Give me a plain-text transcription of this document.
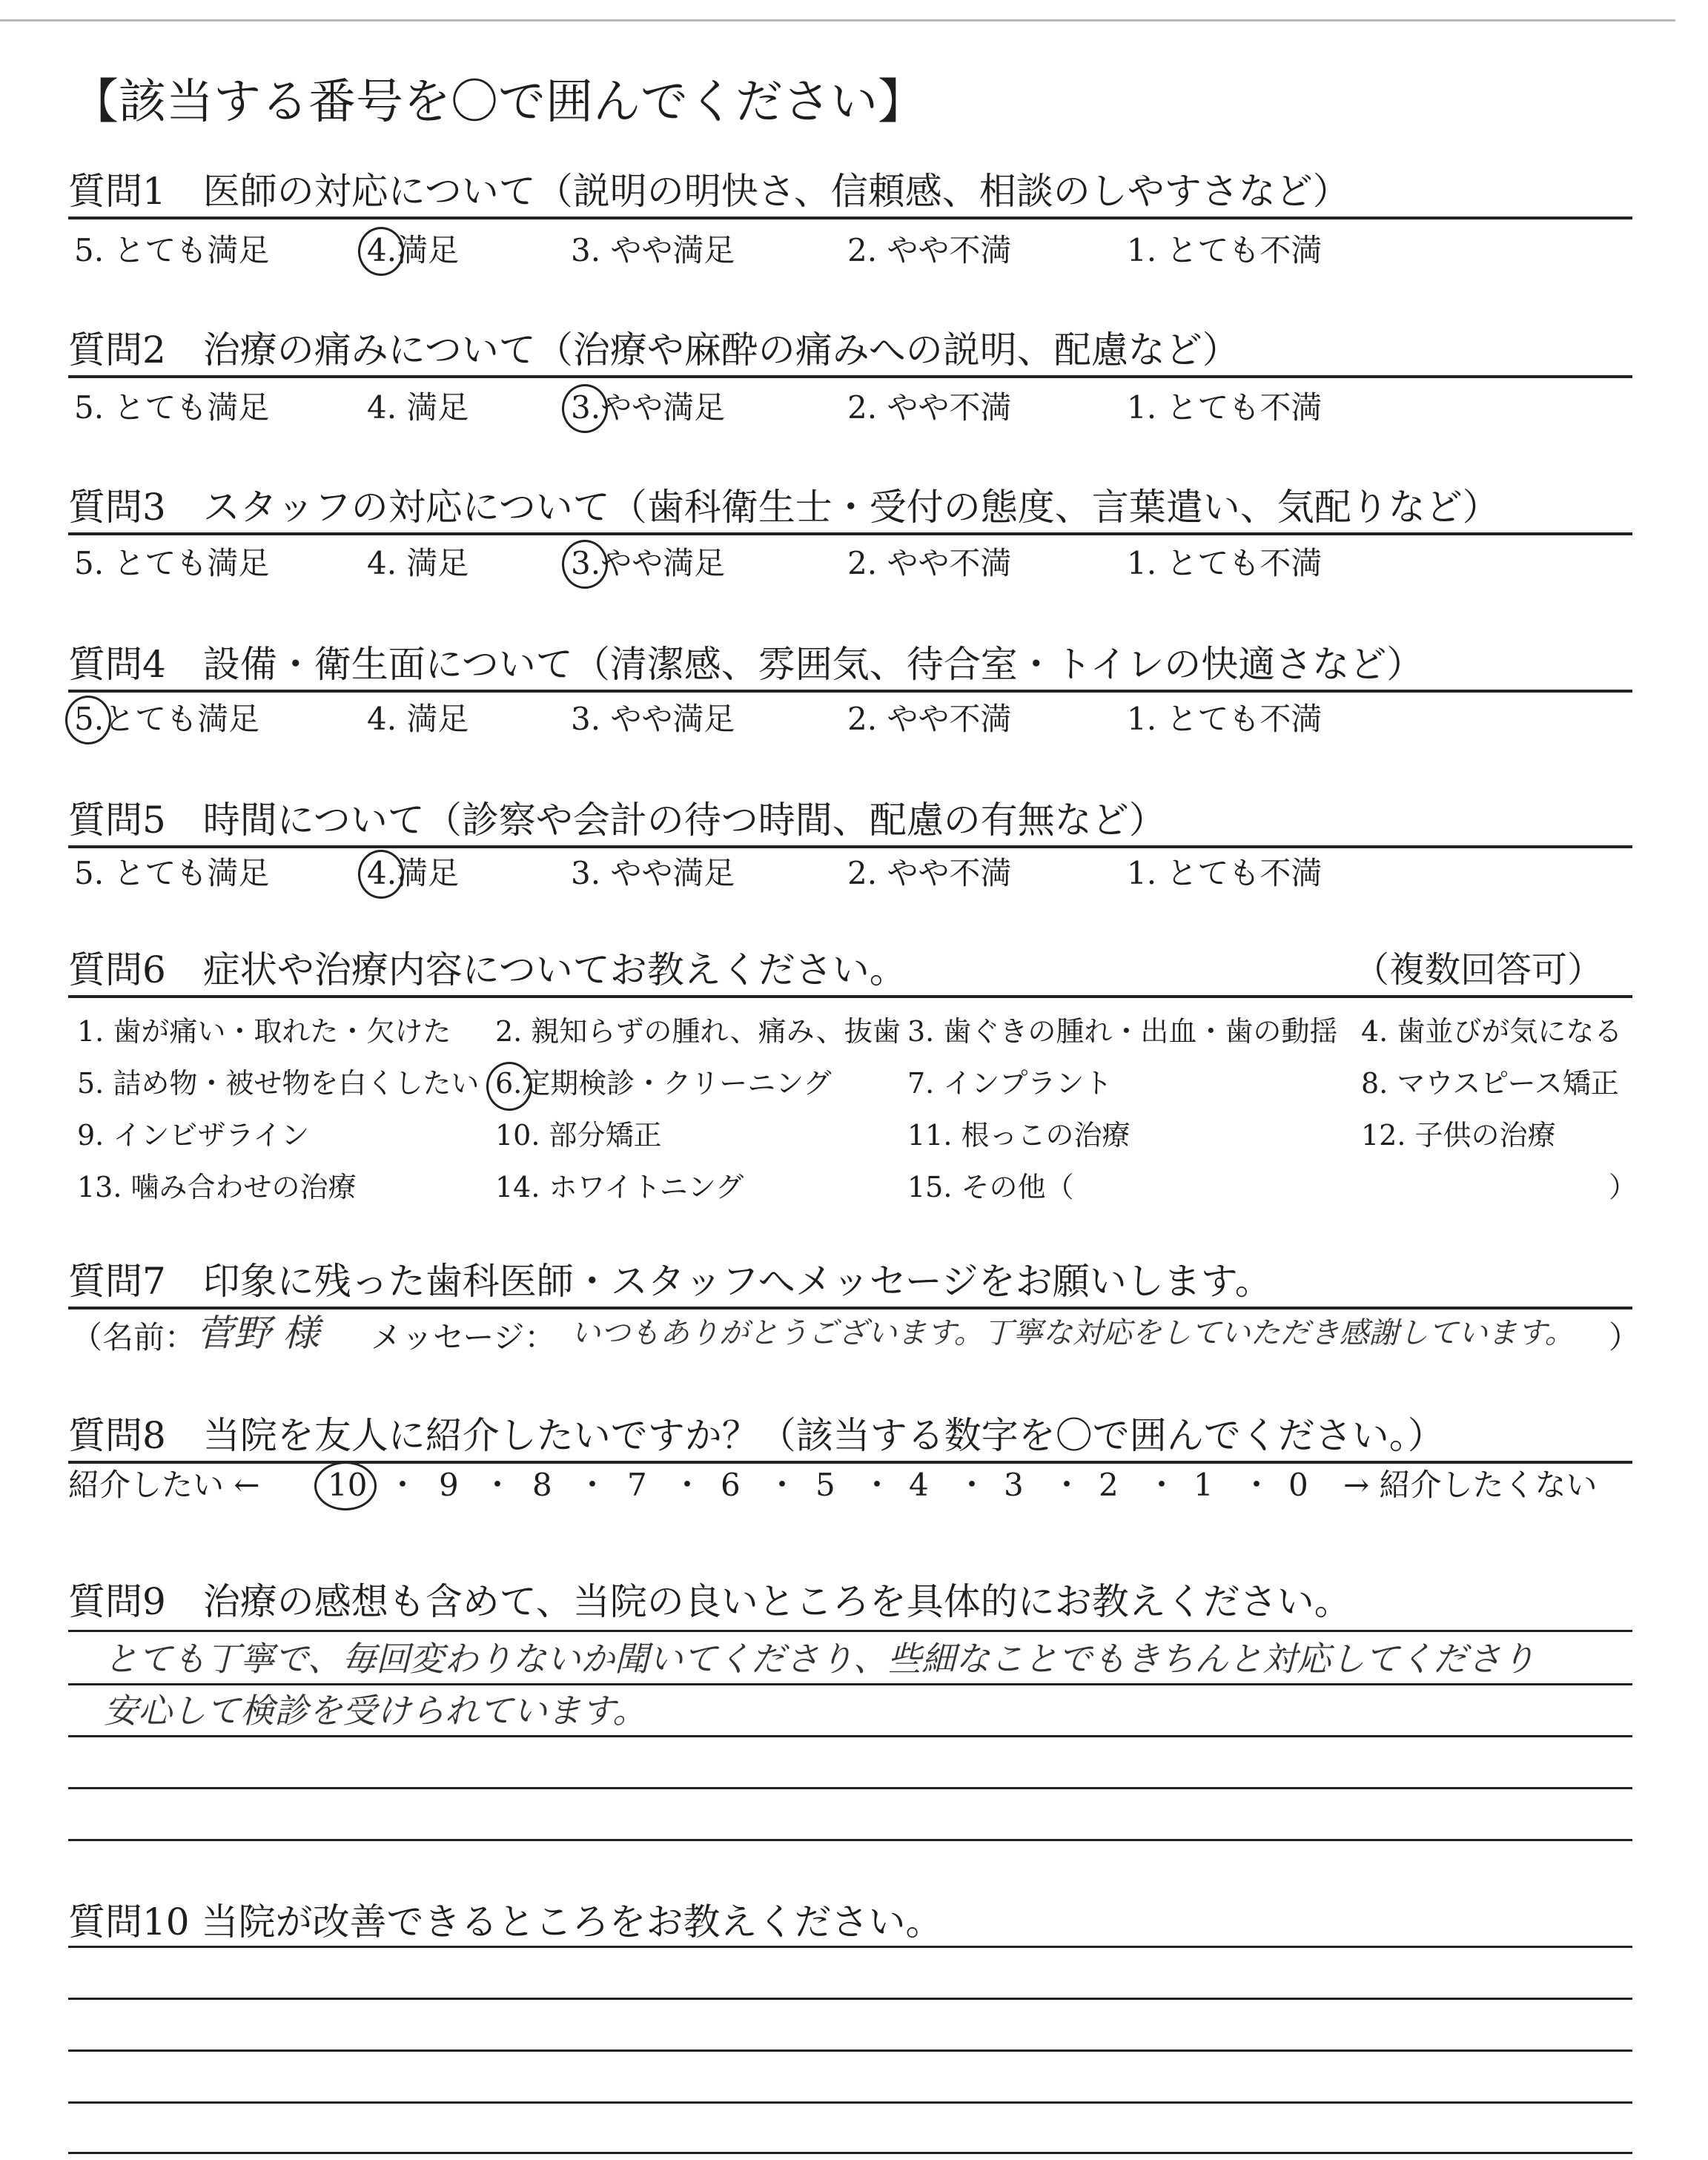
【該当する番号を〇で囲んでください】
質問1　医師の対応について（説明の明快さ、信頼感、相談のしやすさなど）
5. とても満足	4.満足	3. やや満足	2. やや不満	1. とても不満
質問2　治療の痛みについて（治療や麻酔の痛みへの説明、配慮など）
5. とても満足	4. 満足	3.やや満足	2. やや不満	1. とても不満
質問3　スタッフの対応について（歯科衛生士・受付の態度、言葉遣い、気配りなど）
5. とても満足	4. 満足	3.やや満足	2. やや不満	1. とても不満
質問4　設備・衛生面について（清潔感、雰囲気、待合室・トイレの快適さなど）
5.とても満足	4. 満足	3. やや満足	2. やや不満	1. とても不満
質問5　時間について（診察や会計の待つ時間、配慮の有無など）
5. とても満足	4.満足	3. やや満足	2. やや不満	1. とても不満
質問6　症状や治療内容についてお教えください。	（複数回答可）
1. 歯が痛い・取れた・欠けた 2. 親知らずの腫れ、痛み、抜歯 3. 歯ぐきの腫れ・出血・歯の動揺 4. 歯並びが気になる
5. 詰め物・被せ物を白くしたい 6.定期検診・クリーニング	7. インプラント	8. マウスピース矯正
9. インビザライン	10. 部分矯正	11. 根っこの治療	12. 子供の治療
13. 噛み合わせの治療	14. ホワイトニング	15. その他（	）
質問7　印象に残った歯科医師・スタッフへメッセージをお願いします。
（名前： 菅野 様 メッセージ： いつもありがとうございます。丁寧な対応をしていただき感謝しています。 ）
質問8　当院を友人に紹介したいですか？（該当する数字を〇で囲んでください。）
紹介したい ← 10 ・ 9 ・ 8 ・ 7 ・ 6 ・ 5 ・ 4 ・ 3 ・ 2 ・ 1 ・ 0 → 紹介したくない
質問9　治療の感想も含めて、当院の良いところを具体的にお教えください。
とても丁寧で、毎回変わりないか聞いてくださり、些細なことでもきちんと対応してくださり
安心して検診を受けられています。
質問10 当院が改善できるところをお教えください。
